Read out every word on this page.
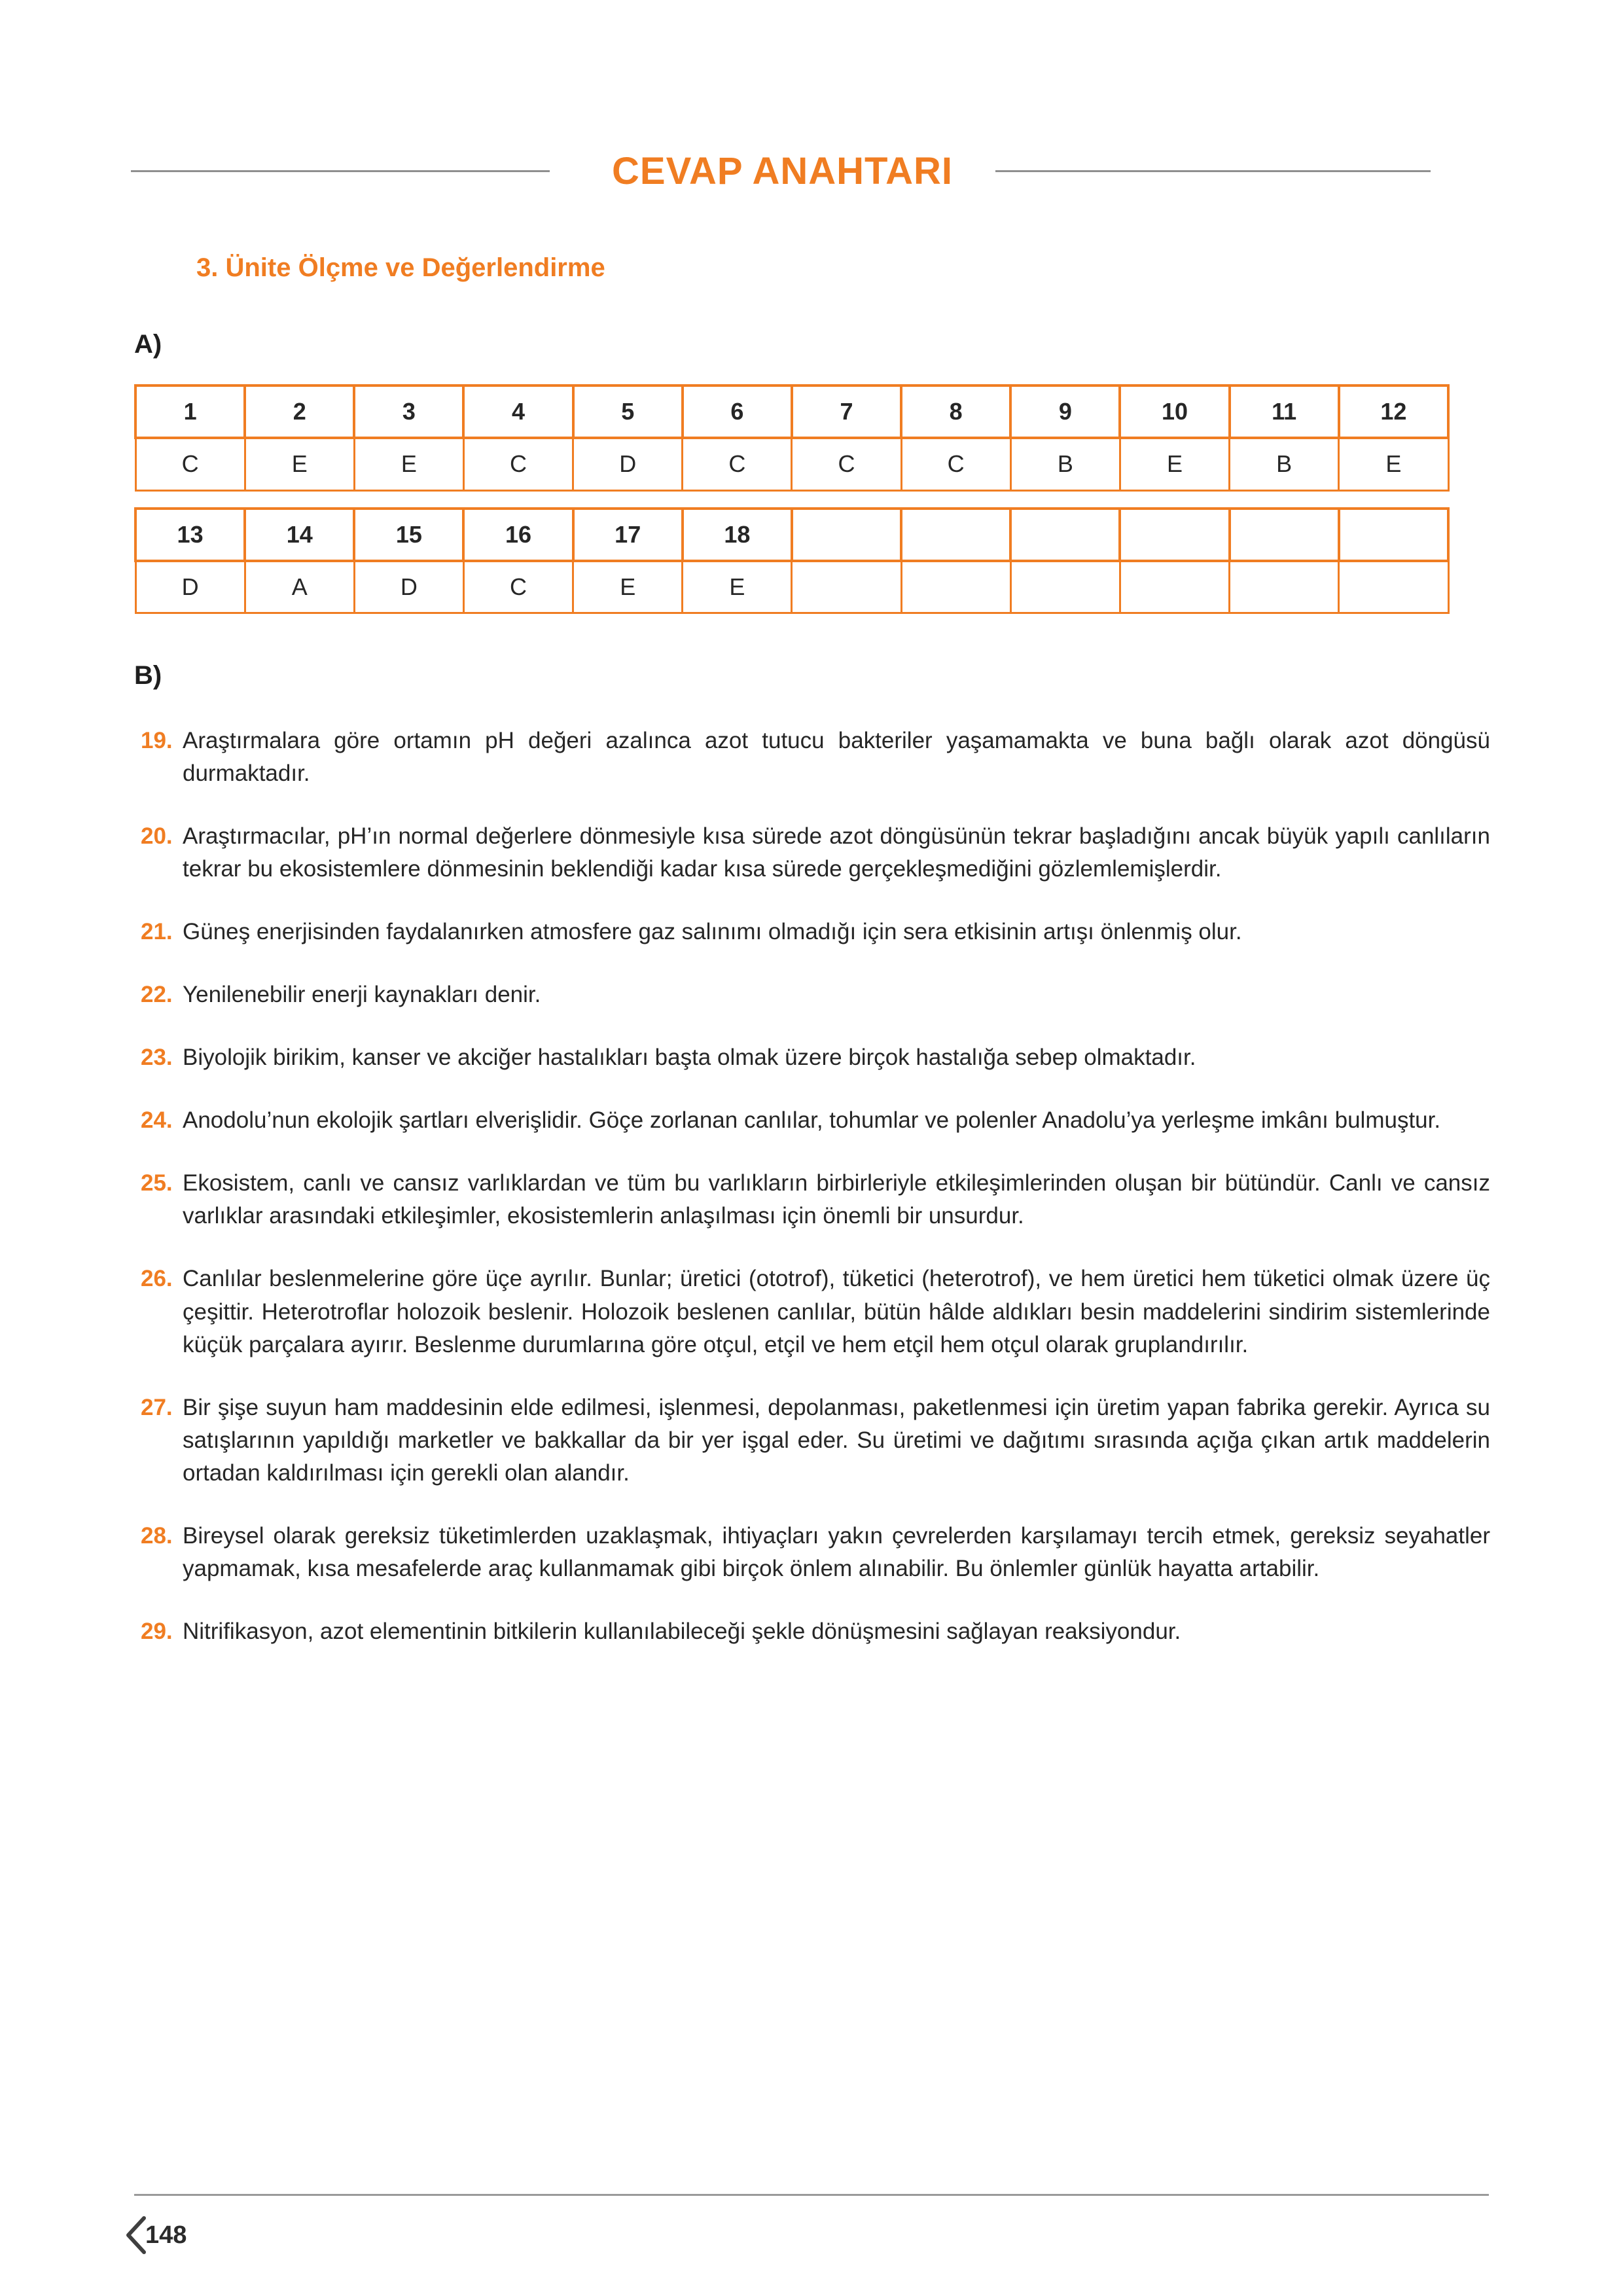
CEVAP ANAHTARI
3. Ünite Ölçme ve Değerlendirme
A)
1	2	3	4	5	6	7	8	9	10	11	12
C	E	E	C	D	C	C	C	B	E	B	E
13	14	15	16	17	18						
D	A	D	C	E	E						
B)
19. Araştırmalara göre ortamın pH değeri azalınca azot tutucu bakteriler yaşamamakta ve buna bağlı olarak azot döngüsü durmaktadır.
20. Araştırmacılar, pH’ın normal değerlere dönmesiyle kısa sürede azot döngüsünün tekrar başladığını ancak büyük yapılı canlıların tekrar bu ekosistemlere dönmesinin beklendiği kadar kısa sürede gerçekleşmediğini gözlemlemişlerdir.
21. Güneş enerjisinden faydalanırken atmosfere gaz salınımı olmadığı için sera etkisinin artışı önlenmiş olur.
22. Yenilenebilir enerji kaynakları denir.
23. Biyolojik birikim, kanser ve akciğer hastalıkları başta olmak üzere birçok hastalığa sebep olmaktadır.
24. Anodolu’nun ekolojik şartları elverişlidir. Göçe zorlanan canlılar, tohumlar ve polenler Anadolu’ya yerleşme imkânı bulmuştur.
25. Ekosistem, canlı ve cansız varlıklardan ve tüm bu varlıkların birbirleriyle etkileşimlerinden oluşan bir bütündür. Canlı ve cansız varlıklar arasındaki etkileşimler, ekosistemlerin anlaşılması için önemli bir unsurdur.
26. Canlılar beslenmelerine göre üçe ayrılır. Bunlar; üretici (ototrof), tüketici (heterotrof), ve hem üretici hem tüketici olmak üzere üç çeşittir. Heterotroflar holozoik beslenir. Holozoik beslenen canlılar, bütün hâlde aldıkları besin maddelerini sindirim sistemlerinde küçük parçalara ayırır. Beslenme durumlarına göre otçul, etçil ve hem etçil hem otçul olarak gruplandırılır.
27. Bir şişe suyun ham maddesinin elde edilmesi, işlenmesi, depolanması, paketlenmesi için üretim yapan fabrika gerekir. Ayrıca su satışlarının yapıldığı marketler ve bakkallar da bir yer işgal eder. Su üretimi ve dağıtımı sırasında açığa çıkan artık maddelerin ortadan kaldırılması için gerekli olan alandır.
28. Bireysel olarak gereksiz tüketimlerden uzaklaşmak, ihtiyaçları yakın çevrelerden karşılamayı tercih etmek, gereksiz seyahatler yapmamak, kısa mesafelerde araç kullanmamak gibi birçok önlem alınabilir. Bu önlemler günlük hayatta artabilir.
29. Nitrifikasyon, azot elementinin bitkilerin kullanılabileceği şekle dönüşmesini sağlayan reaksiyondur.
148
